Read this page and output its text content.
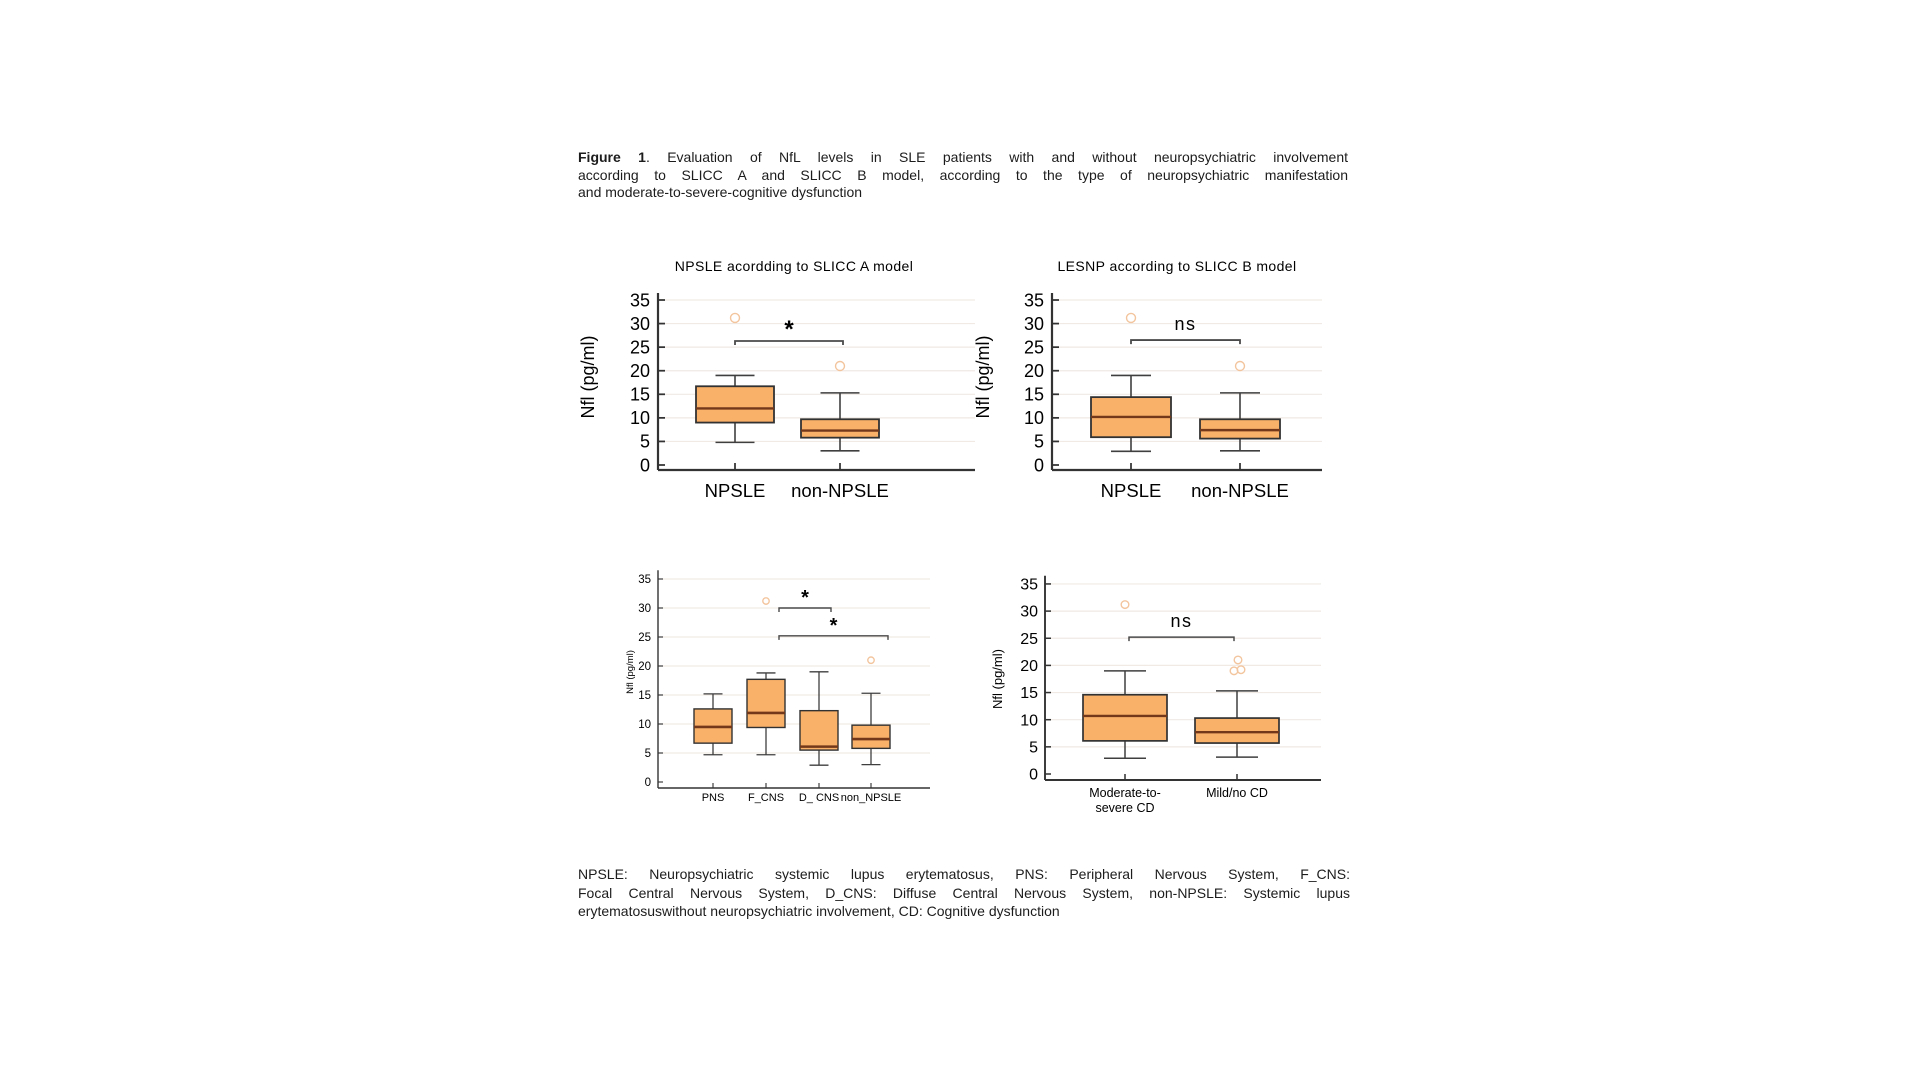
Figure 1. Evaluation of NfL levels in SLE patients with and without neuropsychiatric involvement
according to SLICC A and SLICC B model, according to the type of neuropsychiatric manifestation
and moderate-to-severe-cognitive dysfunction
0
5
10
15
20
25
30
35
NPSLE non-NPSLE
*
NPSLE acordding to SLICC A model
Nfl (pg/ml)
0
5
10
15
20
25
30
35
NPSLE non-NPSLE
ns
LESNP according to SLICC B model
Nfl (pg/ml)
0
5
10
15
20
25
30
35
PNS F_CNS D_ CNS non_NPSLE
*
*
Nfl (pg/ml)
0
5
10
15
20
25
30
35
Moderate-to-severe CD
Mild/no CD
ns
Nfl (pg/ml)
NPSLE: Neuropsychiatric systemic lupus erytematosus, PNS: Peripheral Nervous System, F_CNS:
Focal Central Nervous System, D_CNS: Diffuse Central Nervous System, non-NPSLE: Systemic lupus
erytematosuswithout neuropsychiatric involvement, CD: Cognitive dysfunction
